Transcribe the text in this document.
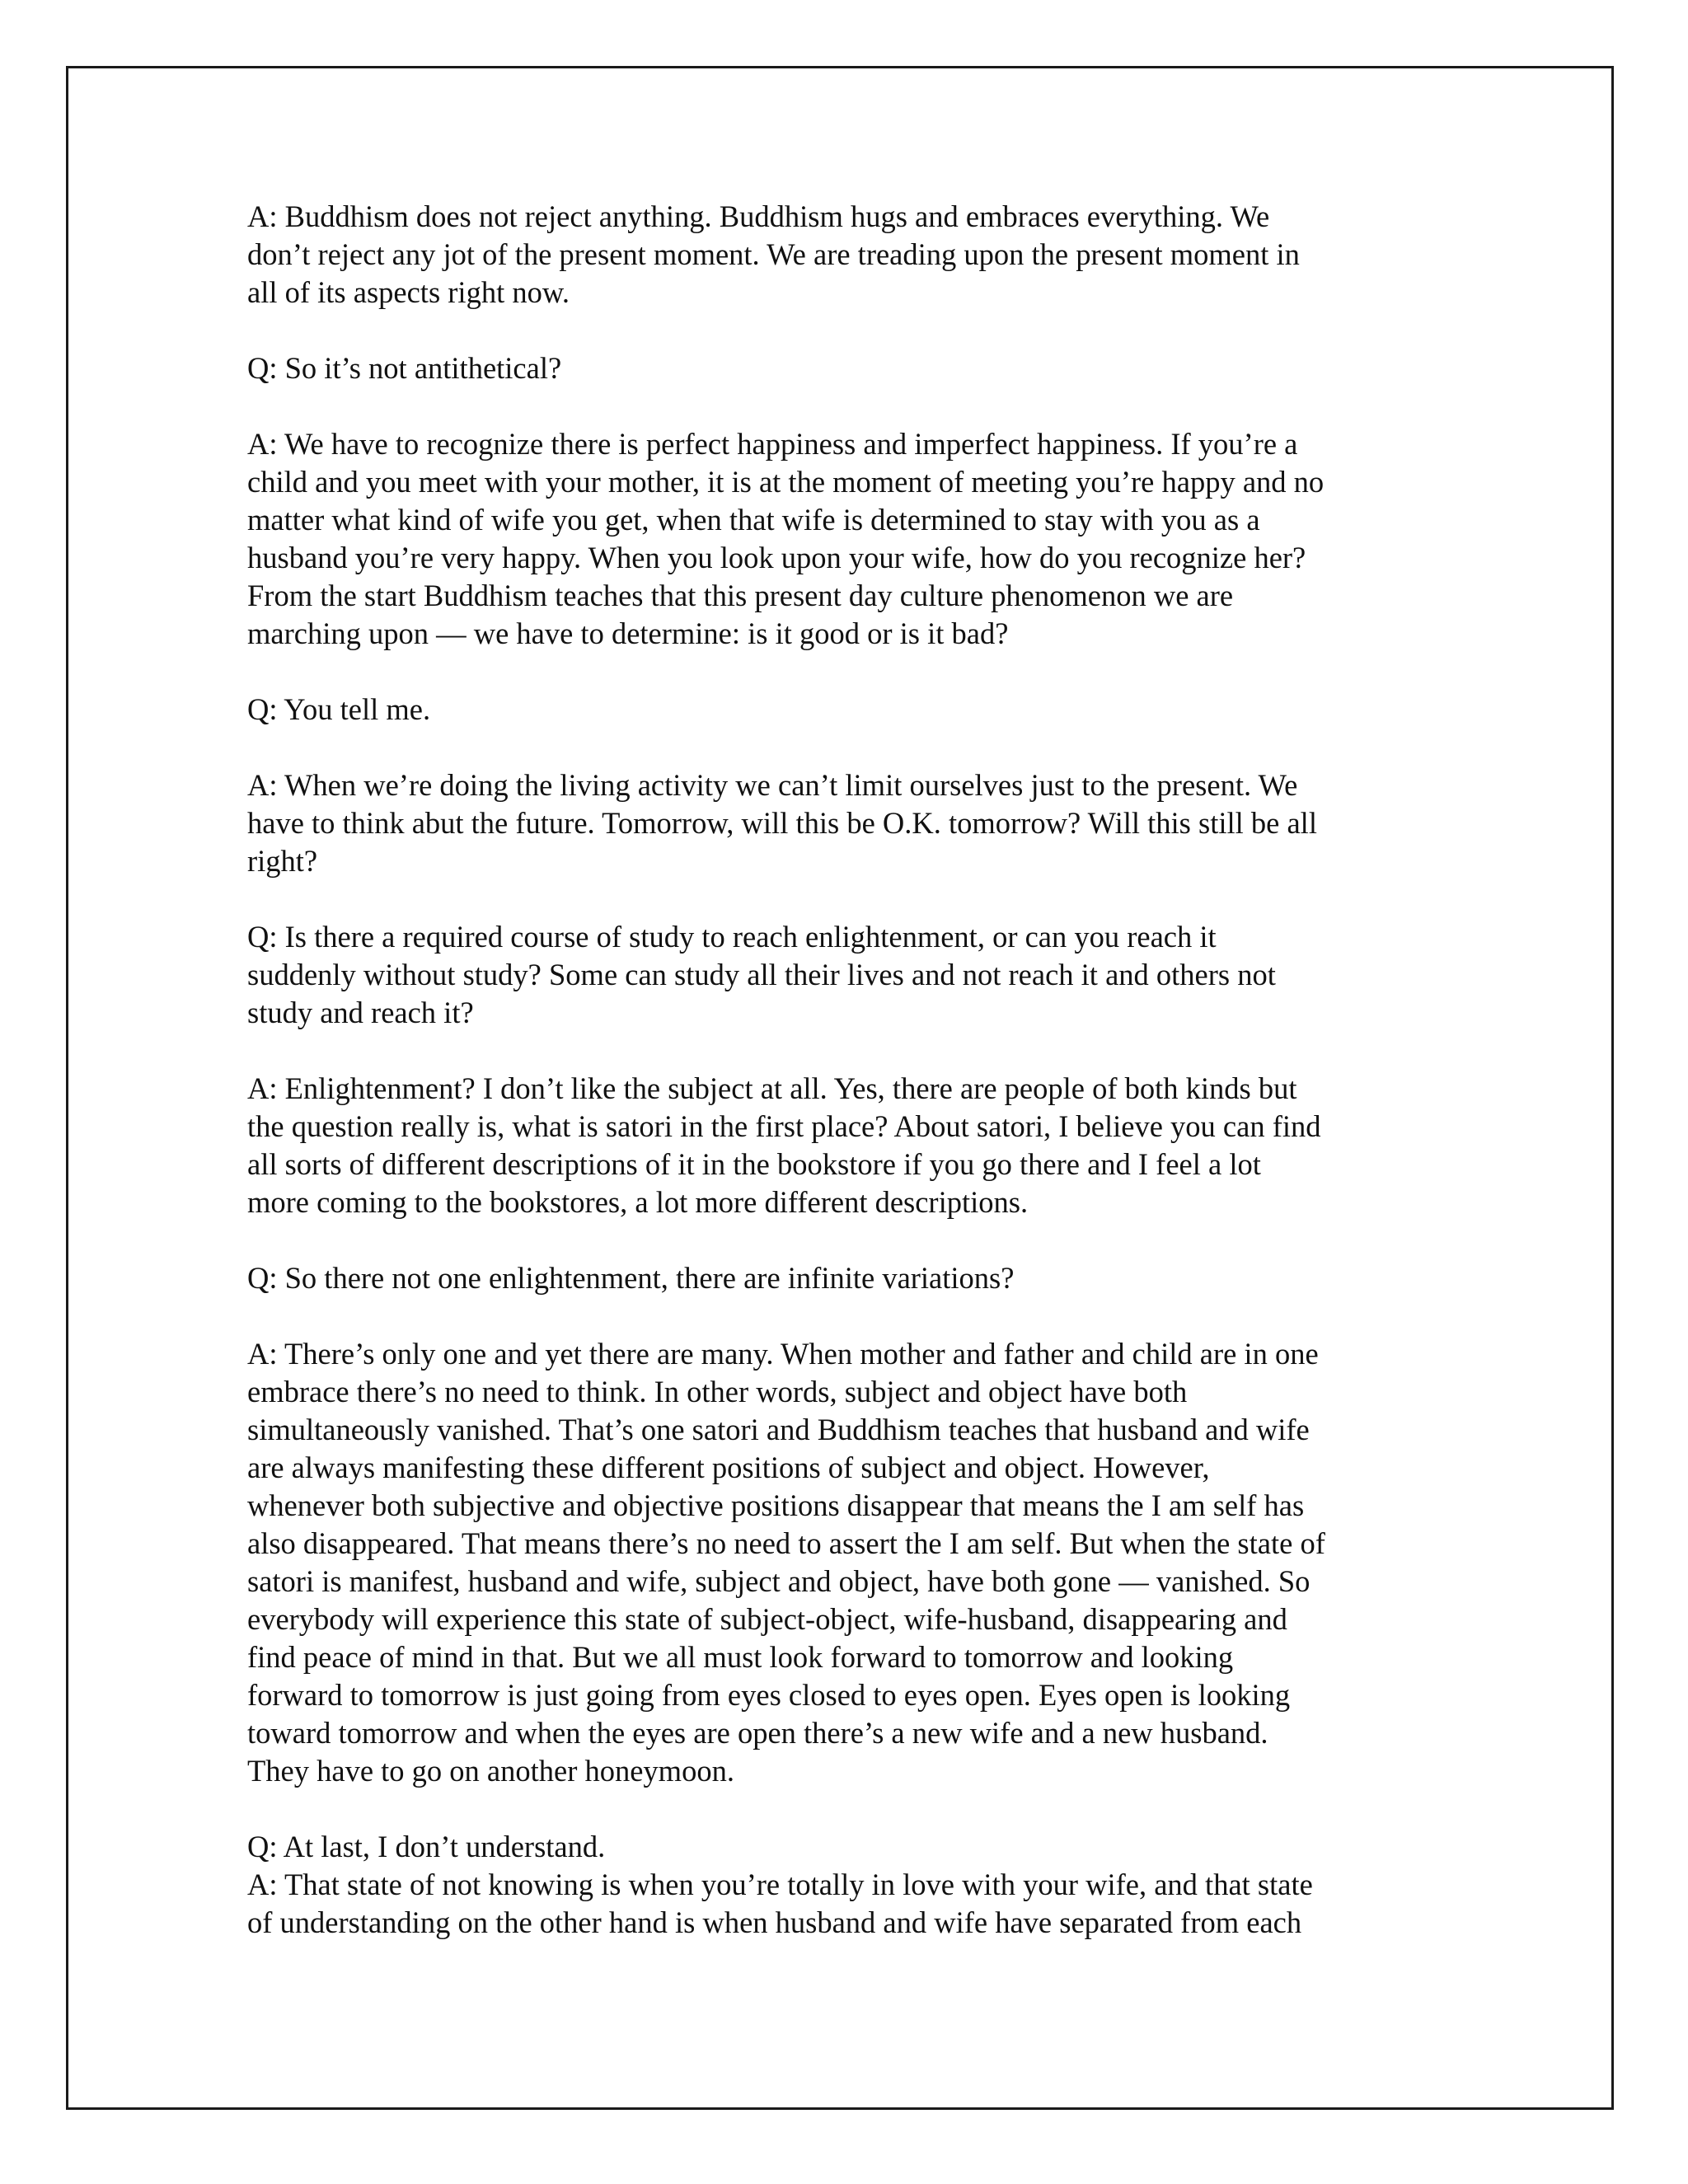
A: Buddhism does not reject anything. Buddhism hugs and embraces everything. We
don’t reject any jot of the present moment. We are treading upon the present moment in
all of its aspects right now.

Q: So it’s not antithetical?

A: We have to recognize there is perfect happiness and imperfect happiness. If you’re a
child and you meet with your mother, it is at the moment of meeting you’re happy and no
matter what kind of wife you get, when that wife is determined to stay with you as a
husband you’re very happy. When you look upon your wife, how do you recognize her?
From the start Buddhism teaches that this present day culture phenomenon we are
marching upon — we have to determine: is it good or is it bad?

Q: You tell me.

A: When we’re doing the living activity we can’t limit ourselves just to the present. We
have to think abut the future. Tomorrow, will this be O.K. tomorrow? Will this still be all
right?

Q: Is there a required course of study to reach enlightenment, or can you reach it
suddenly without study? Some can study all their lives and not reach it and others not
study and reach it?

A: Enlightenment? I don’t like the subject at all. Yes, there are people of both kinds but
the question really is, what is satori in the first place? About satori, I believe you can find
all sorts of different descriptions of it in the bookstore if you go there and I feel a lot
more coming to the bookstores, a lot more different descriptions.

Q: So there not one enlightenment, there are infinite variations?

A: There’s only one and yet there are many. When mother and father and child are in one
embrace there’s no need to think. In other words, subject and object have both
simultaneously vanished. That’s one satori and Buddhism teaches that husband and wife
are always manifesting these different positions of subject and object. However,
whenever both subjective and objective positions disappear that means the I am self has
also disappeared. That means there’s no need to assert the I am self. But when the state of
satori is manifest, husband and wife, subject and object, have both gone — vanished. So
everybody will experience this state of subject-object, wife-husband, disappearing and
find peace of mind in that. But we all must look forward to tomorrow and looking
forward to tomorrow is just going from eyes closed to eyes open. Eyes open is looking
toward tomorrow and when the eyes are open there’s a new wife and a new husband.
They have to go on another honeymoon.

Q: At last, I don’t understand.

A: That state of not knowing is when you’re totally in love with your wife, and that state
of understanding on the other hand is when husband and wife have separated from each
